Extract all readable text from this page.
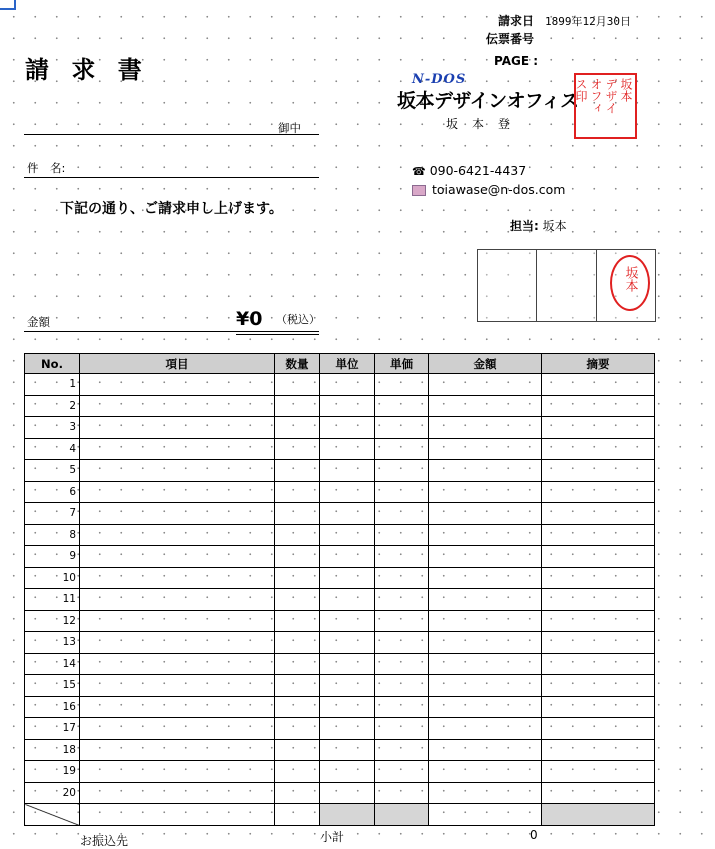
請 求 書
請求日 1899年12月30日
伝票番号
PAGE :
御中
件　名:
下記の通り、ご請求申し上げます。
N-DOS
坂本デザインオフィス
坂本登
坂本
デザイ
オフィ
ス印
☎ 090-6421-4437
toiawase@n-dos.com
担当: 坂本
坂本
金額	¥0 （税込）
No.	項目	数量	単位	単価	金額	摘要
1						
2						
3						
4						
5						
6						
7						
8						
9						
10						
11						
12						
13						
14						
15						
16						
17						
18						
19						
20						

お振込先	小計	0
